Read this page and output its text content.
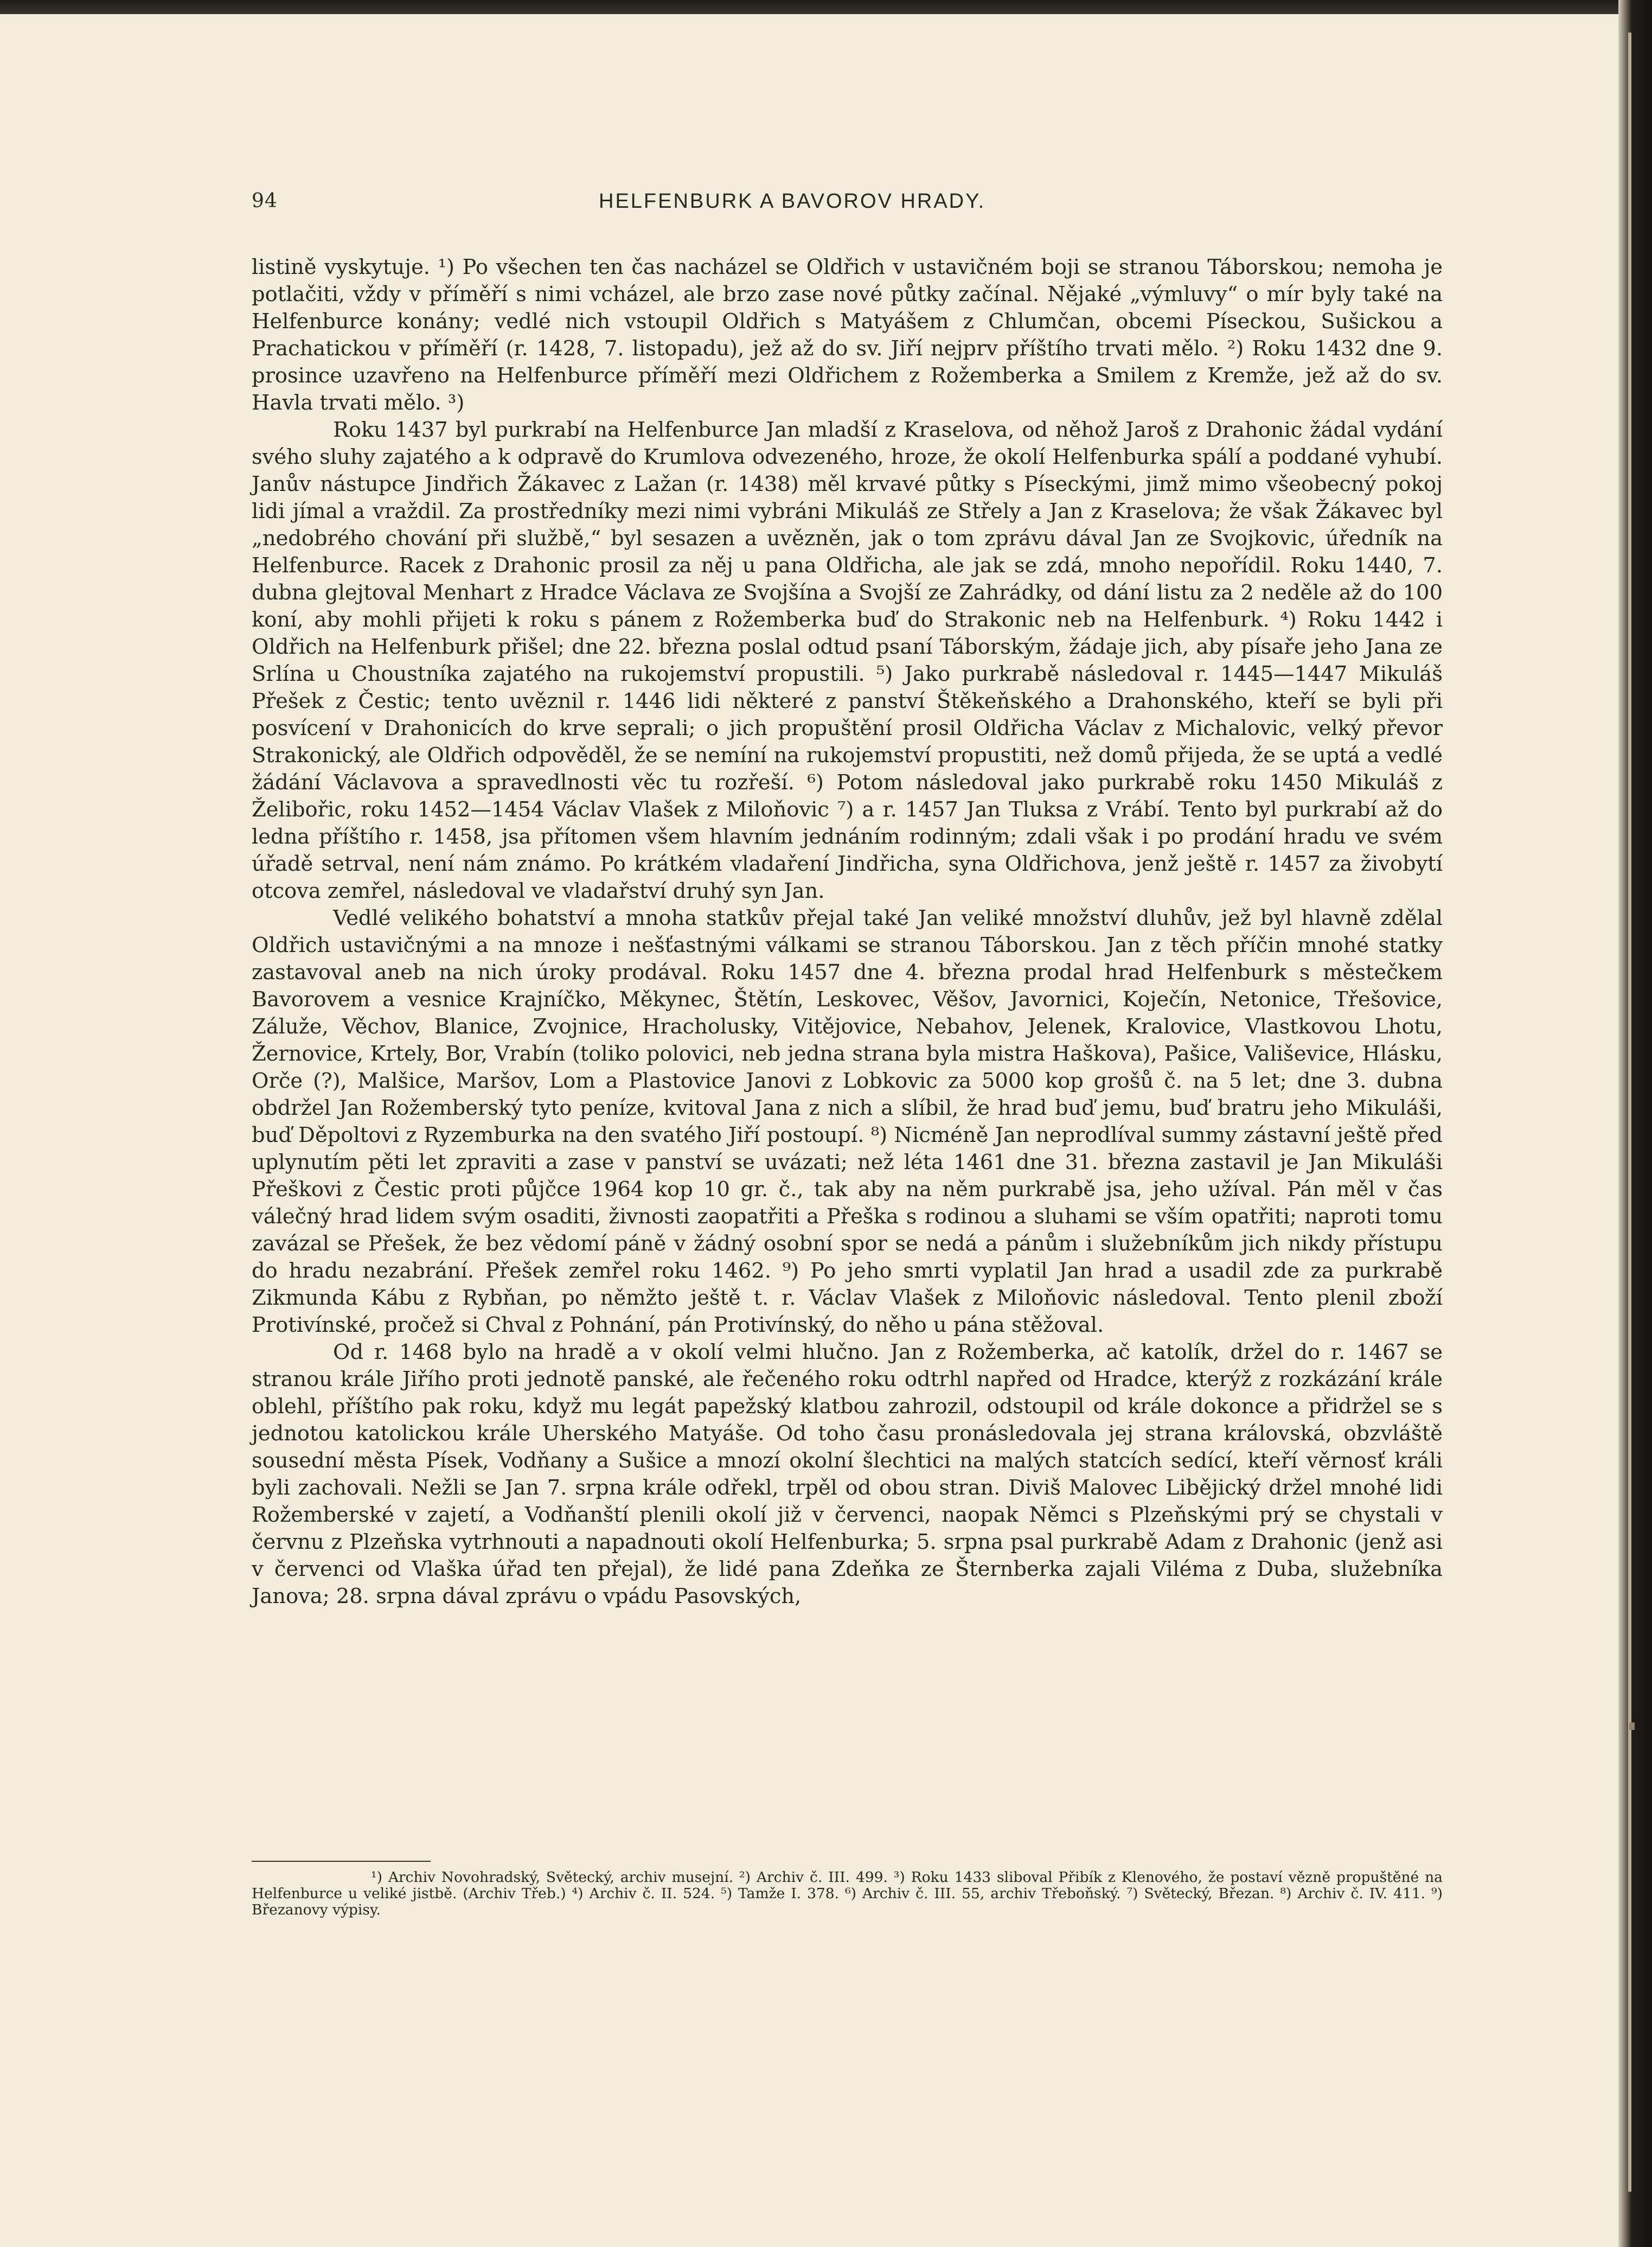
94	HELFENBURK A BAVOROV HRADY.

listině vyskytuje. ¹) Po všechen ten čas nacházel se Oldřich v ustavičném boji se stranou Táborskou; nemoha je potlačiti, vždy v příměří s nimi vcházel, ale brzo zase nové půtky začínal. Nějaké „výmluvy“ o mír byly také na Helfenburce konány; vedlé nich vstoupil Oldřich s Matyášem z Chlumčan, obcemi Píseckou, Sušickou a Prachatickou v příměří (r. 1428, 7. listopadu), jež až do sv. Jiří nejprv příštího trvati mělo. ²) Roku 1432 dne 9. prosince uzavřeno na Helfenburce příměří mezi Oldřichem z Rožemberka a Smilem z Kremže, jež až do sv. Havla trvati mělo. ³)

Roku 1437 byl purkrabí na Helfenburce Jan mladší z Kraselova, od něhož Jaroš z Drahonic žádal vydání svého sluhy zajatého a k odpravě do Krumlova odvezeného, hroze, že okolí Helfenburka spálí a poddané vyhubí. Janův nástupce Jindřich Žákavec z Lažan (r. 1438) měl krvavé půtky s Píseckými, jimž mimo všeobecný pokoj lidi jímal a vraždil. Za prostředníky mezi nimi vybráni Mikuláš ze Střely a Jan z Kraselova; že však Žákavec byl „nedobrého chování při službě,“ byl sesazen a uvězněn, jak o tom zprávu dával Jan ze Svojkovic, úředník na Helfenburce. Racek z Drahonic prosil za něj u pana Oldřicha, ale jak se zdá, mnoho nepořídil. Roku 1440, 7. dubna glejtoval Menhart z Hradce Václava ze Svojšína a Svojší ze Zahrádky, od dání listu za 2 neděle až do 100 koní, aby mohli přijeti k roku s pánem z Rožemberka buď do Strakonic neb na Helfenburk. ⁴) Roku 1442 i Oldřich na Helfenburk přišel; dne 22. března poslal odtud psaní Táborským, žádaje jich, aby písaře jeho Jana ze Srlína u Choustníka zajatého na rukojemství propustili. ⁵) Jako purkrabě následoval r. 1445—1447 Mikuláš Přešek z Čestic; tento uvěznil r. 1446 lidi některé z panství Štěkeňského a Drahonského, kteří se byli při posvícení v Drahonicích do krve seprali; o jich propuštění prosil Oldřicha Václav z Michalovic, velký převor Strakonický, ale Oldřich odpověděl, že se nemíní na rukojemství propustiti, než domů přijeda, že se uptá a vedlé žádání Václavova a spravedlnosti věc tu rozřeší. ⁶) Potom následoval jako purkrabě roku 1450 Mikuláš z Želibořic, roku 1452—1454 Václav Vlašek z Miloňovic ⁷) a r. 1457 Jan Tluksa z Vrábí. Tento byl purkrabí až do ledna příštího r. 1458, jsa přítomen všem hlavním jednáním rodinným; zdali však i po prodání hradu ve svém úřadě setrval, není nám známo. Po krátkém vladaření Jindřicha, syna Oldřichova, jenž ještě r. 1457 za živobytí otcova zemřel, následoval ve vladařství druhý syn Jan.

Vedlé velikého bohatství a mnoha statkův přejal také Jan veliké množství dluhův, jež byl hlavně zdělal Oldřich ustavičnými a na mnoze i nešťastnými válkami se stranou Táborskou. Jan z těch příčin mnohé statky zastavoval aneb na nich úroky prodával. Roku 1457 dne 4. března prodal hrad Helfenburk s městečkem Bavorovem a vesnice Krajníčko, Měkynec, Štětín, Leskovec, Věšov, Javornici, Koječín, Netonice, Třešovice, Záluže, Věchov, Blanice, Zvojnice, Hracholusky, Vitějovice, Nebahov, Jelenek, Kralovice, Vlastkovou Lhotu, Žernovice, Krtely, Bor, Vrabín (toliko polovici, neb jedna strana byla mistra Haškova), Pašice, Vališevice, Hlásku, Orče (?), Malšice, Maršov, Lom a Plastovice Janovi z Lobkovic za 5000 kop grošů č. na 5 let; dne 3. dubna obdržel Jan Rožemberský tyto peníze, kvitoval Jana z nich a slíbil, že hrad buď jemu, buď bratru jeho Mikuláši, buď Děpoltovi z Ryzemburka na den svatého Jiří postoupí. ⁸) Nicméně Jan neprodlíval summy zástavní ještě před uplynutím pěti let zpraviti a zase v panství se uvázati; než léta 1461 dne 31. března zastavil je Jan Mikuláši Přeškovi z Čestic proti půjčce 1964 kop 10 gr. č., tak aby na něm purkrabě jsa, jeho užíval. Pán měl v čas válečný hrad lidem svým osaditi, živnosti zaopatřiti a Přeška s rodinou a sluhami se vším opatřiti; naproti tomu zavázal se Přešek, že bez vědomí páně v žádný osobní spor se nedá a pánům i služebníkům jich nikdy přístupu do hradu nezabrání. Přešek zemřel roku 1462. ⁹) Po jeho smrti vyplatil Jan hrad a usadil zde za purkrabě Zikmunda Kábu z Rybňan, po němžto ještě t. r. Václav Vlašek z Miloňovic následoval. Tento plenil zboží Protivínské, pročež si Chval z Pohnání, pán Protivínský, do něho u pána stěžoval.

Od r. 1468 bylo na hradě a v okolí velmi hlučno. Jan z Rožemberka, ač katolík, držel do r. 1467 se stranou krále Jiřího proti jednotě panské, ale řečeného roku odtrhl napřed od Hradce, kterýž z rozkázání krále oblehl, příštího pak roku, když mu legát papežský klatbou zahrozil, odstoupil od krále dokonce a přidržel se s jednotou katolickou krále Uherského Matyáše. Od toho času pronásledovala jej strana královská, obzvláště sousední města Písek, Vodňany a Sušice a mnozí okolní šlechtici na malých statcích sedící, kteří věrnosť králi byli zachovali. Nežli se Jan 7. srpna krále odřekl, trpěl od obou stran. Diviš Malovec Libějický držel mnohé lidi Rožemberské v zajetí, a Vodňanští plenili okolí již v červenci, naopak Němci s Plzeňskými prý se chystali v červnu z Plzeňska vytrhnouti a napadnouti okolí Helfenburka; 5. srpna psal purkrabě Adam z Drahonic (jenž asi v červenci od Vlaška úřad ten přejal), že lidé pana Zdeňka ze Šternberka zajali Viléma z Duba, služebníka Janova; 28. srpna dával zprávu o vpádu Pasovských,

¹) Archiv Novohradský, Světecký, archiv musejní. ²) Archiv č. III. 499. ³) Roku 1433 sliboval Přibík z Klenového, že postaví vězně propuštěné na Helfenburce u veliké jistbě. (Archiv Třeb.) ⁴) Archiv č. II. 524. ⁵) Tamže I. 378. ⁶) Archiv č. III. 55, archiv Třeboňský. ⁷) Světecký, Březan. ⁸) Archiv č. IV. 411. ⁹) Březanovy výpisy.
